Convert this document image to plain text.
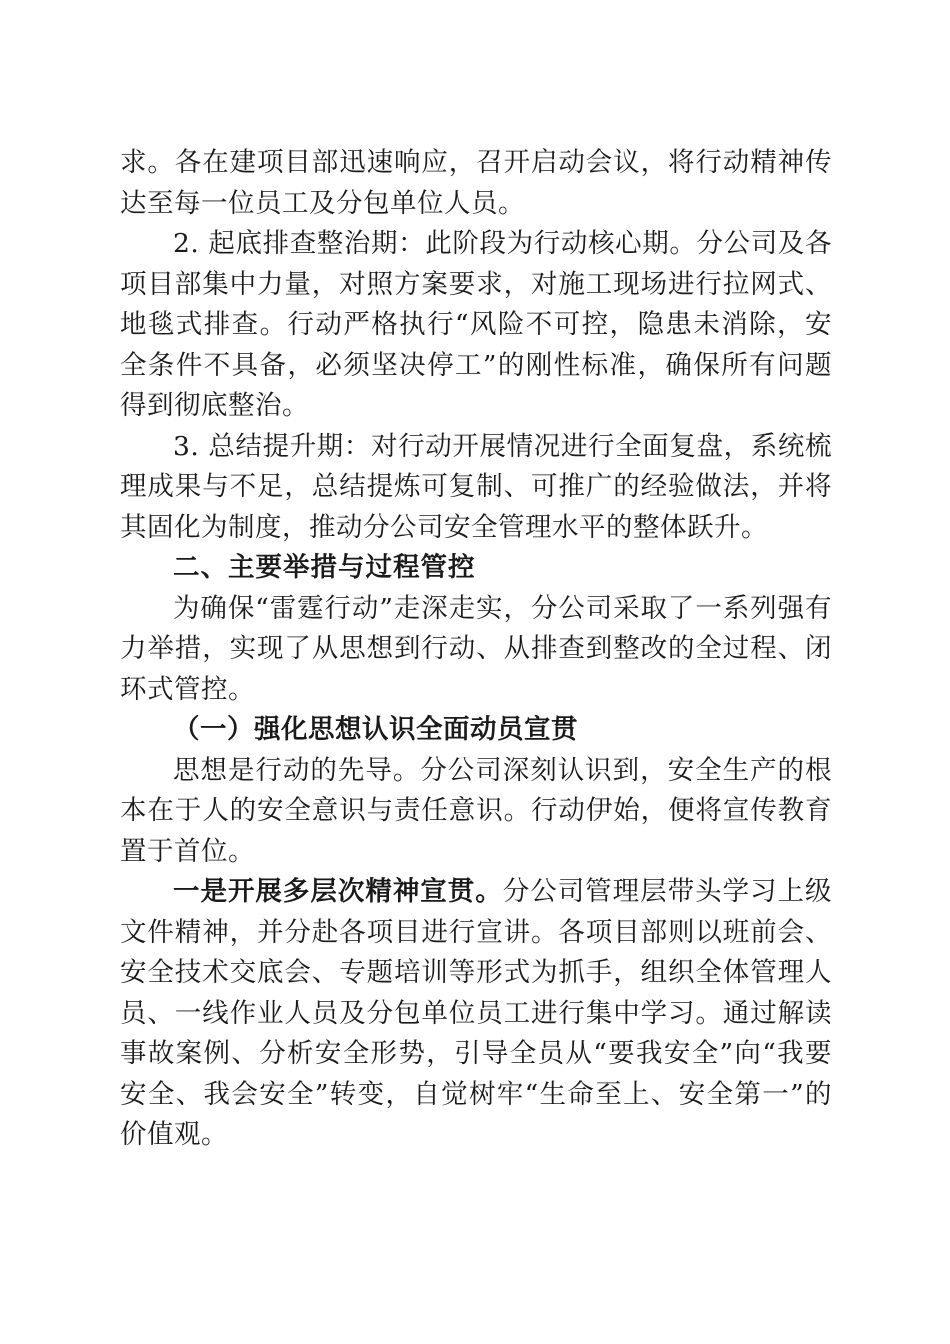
求。各在建项目部迅速响应，召开启动会议，将行动精神传达至每一位员工及分包单位人员。

2. 起底排查整治期：此阶段为行动核心期。分公司及各项目部集中力量，对照方案要求，对施工现场进行拉网式、地毯式排查。行动严格执行“风险不可控，隐患未消除，安全条件不具备，必须坚决停工”的刚性标准，确保所有问题得到彻底整治。

3. 总结提升期：对行动开展情况进行全面复盘，系统梳理成果与不足，总结提炼可复制、可推广的经验做法，并将其固化为制度，推动分公司安全管理水平的整体跃升。

二、主要举措与过程管控

为确保“雷霆行动”走深走实，分公司采取了一系列强有力举措，实现了从思想到行动、从排查到整改的全过程、闭环式管控。

（一）强化思想认识全面动员宣贯

思想是行动的先导。分公司深刻认识到，安全生产的根本在于人的安全意识与责任意识。行动伊始，便将宣传教育置于首位。

一是开展多层次精神宣贯。分公司管理层带头学习上级文件精神，并分赴各项目进行宣讲。各项目部则以班前会、安全技术交底会、专题培训等形式为抓手，组织全体管理人员、一线作业人员及分包单位员工进行集中学习。通过解读事故案例、分析安全形势，引导全员从“要我安全”向“我要安全、我会安全”转变，自觉树牢“生命至上、安全第一”的价值观。
